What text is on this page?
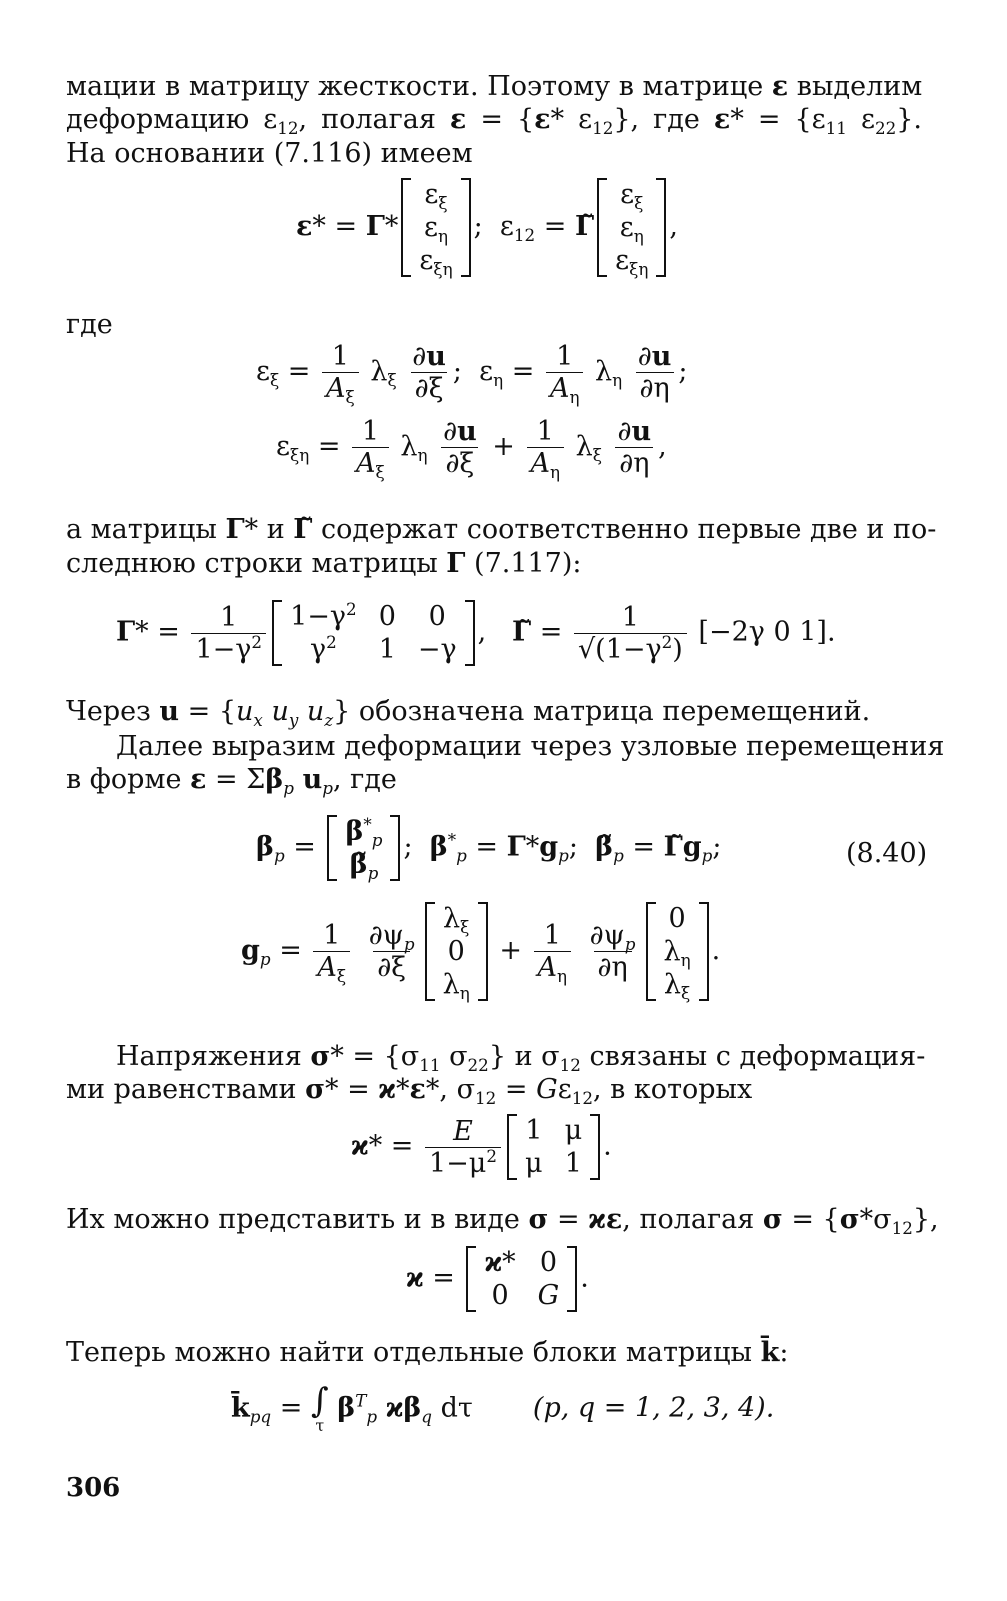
мации в матрицу жесткости. Поэтому в матрице ε выделим
деформацию $\varepsilon_{12}$, полагая ε = {ε* $\varepsilon_{12}$}, где $\varepsilon* = \{\varepsilon_{11}$ $\varepsilon_{22}$}.
На основании (7.116) имеем
ε* = Γ*
$\varepsilon_\xi$
$\varepsilon_\eta$
$\varepsilon_{\xi\eta}$
;  $\varepsilon_{12}$ = Γ̃
$\varepsilon_\xi$
$\varepsilon_\eta$
$\varepsilon_{\xi\eta}$
,
где
$\varepsilon_\xi = \frac{1}{A_\xi} \lambda_\xi \frac{\partial u}{\partial\xi}$ ;  $\varepsilon_\eta = \frac{1}{A_\eta} \lambda_\eta \frac{\partial u}{\partial\eta}$ ;
$\varepsilon_{\xi\eta} = \frac{1}{A_\xi} \lambda_\eta \frac{\partial u}{\partial\xi} + \frac{1}{A_\eta} \lambda_\xi \frac{\partial u}{\partial\eta}$ ,
а матрицы Γ* и Γ̃ содержат соответственно первые две и по-
следнюю строки матрицы Γ (7.117):
$\Gamma* = \frac{1}{1-\gamma^2} 1-\gamma^2$ 0 0
$\gamma^2$ 1 −γ
,   Γ̃ = $\frac{1}{√(1-\gamma^2)} [-2\gamma$ 0 1].
Через $u = \{u_x$ $u_y$ $u_z$} обозначена матрица перемещений.
Далее выразим деформации через узловые перемещения
в форме $\varepsilon = \Sigma\beta_p$ $u_p$, где
$\beta_p = \beta^*_p$
$\betã_p$
;  $\beta^*_p = \Gamma*g_p$;  $\betã_p$ = $\Gammãg_p$;	(8.40)
$g_p = \frac{1}{A_\xi}$
$\frac{\partial\psi_p}{\partial\xi}$
$\lambda_\xi$
0
$\lambda_\eta$
+ $\frac{1}{A_\eta}$
$\frac{\partial\psi_p}{\partial\eta}$
0
$\lambda_\eta$
$\lambda_\xi$
.
Напряжения $\sigma* = \{\sigma_{11}$ $\sigma_{22}$} и $\sigma_{12}$ связаны с деформация-
ми равенствами σ* = ϰ*ε*, $\sigma_{12} = G\varepsilon_{12}$, в которых
$ϰ* = \frac{E}{1-\mu^2} 1$ μ
μ 1
.
Их можно представить и в виде σ = ϰε, полагая $\sigma = \{\sigma*\sigma_{12}\}$,
ϰ = ϰ* 0
0 G
.
Теперь можно найти отдельные блоки матрицы k̄:
$k̄_{pq}$ = ∫
τ
$\beta^T_p$ $ϰ\beta_q$ dτ       (p, q = 1, 2, 3, 4).
306
